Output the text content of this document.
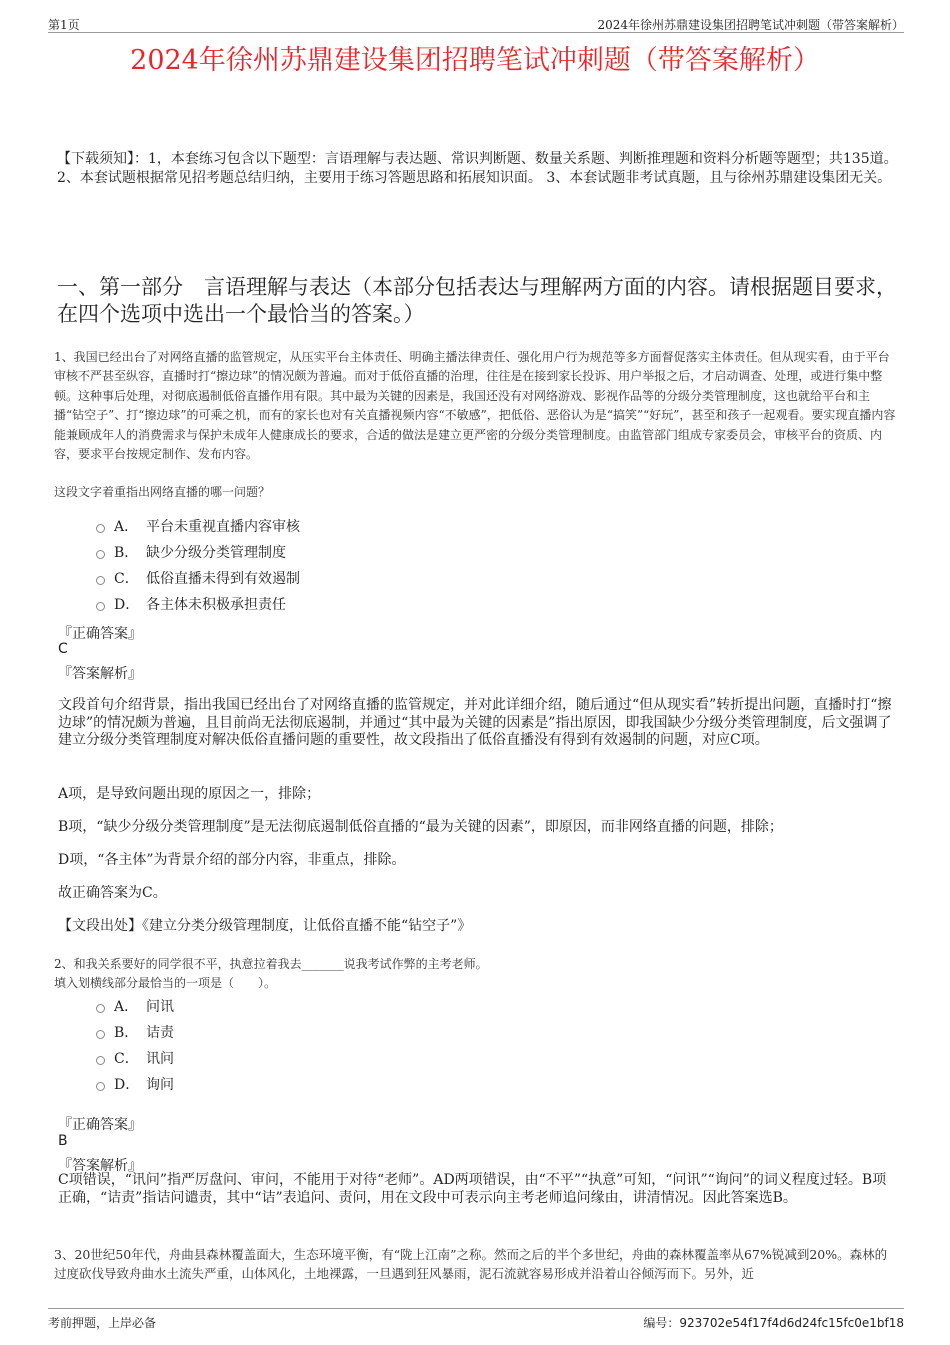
第1页	2024年徐州苏鼎建设集团招聘笔试冲刺题（带答案解析）
2024年徐州苏鼎建设集团招聘笔试冲刺题（带答案解析）
【下载须知】：1，本套练习包含以下题型：言语理解与表达题、常识判断题、数量关系题、判断推理题和资料分析题等题型；共135道。 2、本套试题根据常见招考题总结归纳，主要用于练习答题思路和拓展知识面。 3、本套试题非考试真题，且与徐州苏鼎建设集团无关。
一、第一部分　言语理解与表达（本部分包括表达与理解两方面的内容。请根据题目要求，在四个选项中选出一个最恰当的答案。）
1、我国已经出台了对网络直播的监管规定，从压实平台主体责任、明确主播法律责任、强化用户行为规范等多方面督促落实主体责任。但从现实看，由于平台审核不严甚至纵容，直播时打“擦边球”的情况颇为普遍。而对于低俗直播的治理，往往是在接到家长投诉、用户举报之后，才启动调查、处理，或进行集中整顿。这种事后处理，对彻底遏制低俗直播作用有限。其中最为关键的因素是，我国还没有对网络游戏、影视作品等的分级分类管理制度，这也就给平台和主播“钻空子”、打“擦边球”的可乘之机，而有的家长也对有关直播视频内容“不敏感”，把低俗、恶俗认为是“搞笑”“好玩”，甚至和孩子一起观看。要实现直播内容能兼顾成年人的消费需求与保护未成年人健康成长的要求，合适的做法是建立更严密的分级分类管理制度。由监管部门组成专家委员会，审核平台的资质、内容，要求平台按规定制作、发布内容。
这段文字着重指出网络直播的哪一问题？
A． 平台未重视直播内容审核
B． 缺少分级分类管理制度
C． 低俗直播未得到有效遏制
D． 各主体未积极承担责任
『正确答案』
C
『答案解析』
文段首句介绍背景，指出我国已经出台了对网络直播的监管规定，并对此详细介绍，随后通过“但从现实看”转折提出问题，直播时打“擦边球”的情况颇为普遍，且目前尚无法彻底遏制，并通过“其中最为关键的因素是”指出原因，即我国缺少分级分类管理制度，后文强调了建立分级分类管理制度对解决低俗直播问题的重要性，故文段指出了低俗直播没有得到有效遏制的问题，对应C项。
A项，是导致问题出现的原因之一，排除；
B项，“缺少分级分类管理制度”是无法彻底遏制低俗直播的“最为关键的因素”，即原因，而非网络直播的问题，排除；
D项，“各主体”为背景介绍的部分内容，非重点，排除。
故正确答案为C。
【文段出处】《建立分类分级管理制度，让低俗直播不能“钻空子”》
2、和我关系要好的同学很不平，执意拉着我去_______说我考试作弊的主考老师。
填入划横线部分最恰当的一项是（　　）。
A． 问讯
B． 诘责
C． 讯问
D． 询问
『正确答案』
B
『答案解析』
C项错误，“讯问”指严厉盘问、审问，不能用于对待“老师”。AD两项错误，由“不平”“执意”可知，“问讯”“询问”的词义程度过轻。B项正确，“诘责”指诘问谴责，其中“诘”表追问、责问，用在文段中可表示向主考老师追问缘由，讲清情况。因此答案选B。
3、20世纪50年代，舟曲县森林覆盖面大，生态环境平衡，有“陇上江南”之称。然而之后的半个多世纪，舟曲的森林覆盖率从67%锐减到20%。森林的过度砍伐导致舟曲水土流失严重，山体风化，土地裸露，一旦遇到狂风暴雨，泥石流就容易形成并沿着山谷倾泻而下。另外，近
考前押题，上岸必备	编号：923702e54f17f4d6d24fc15fc0e1bf18
